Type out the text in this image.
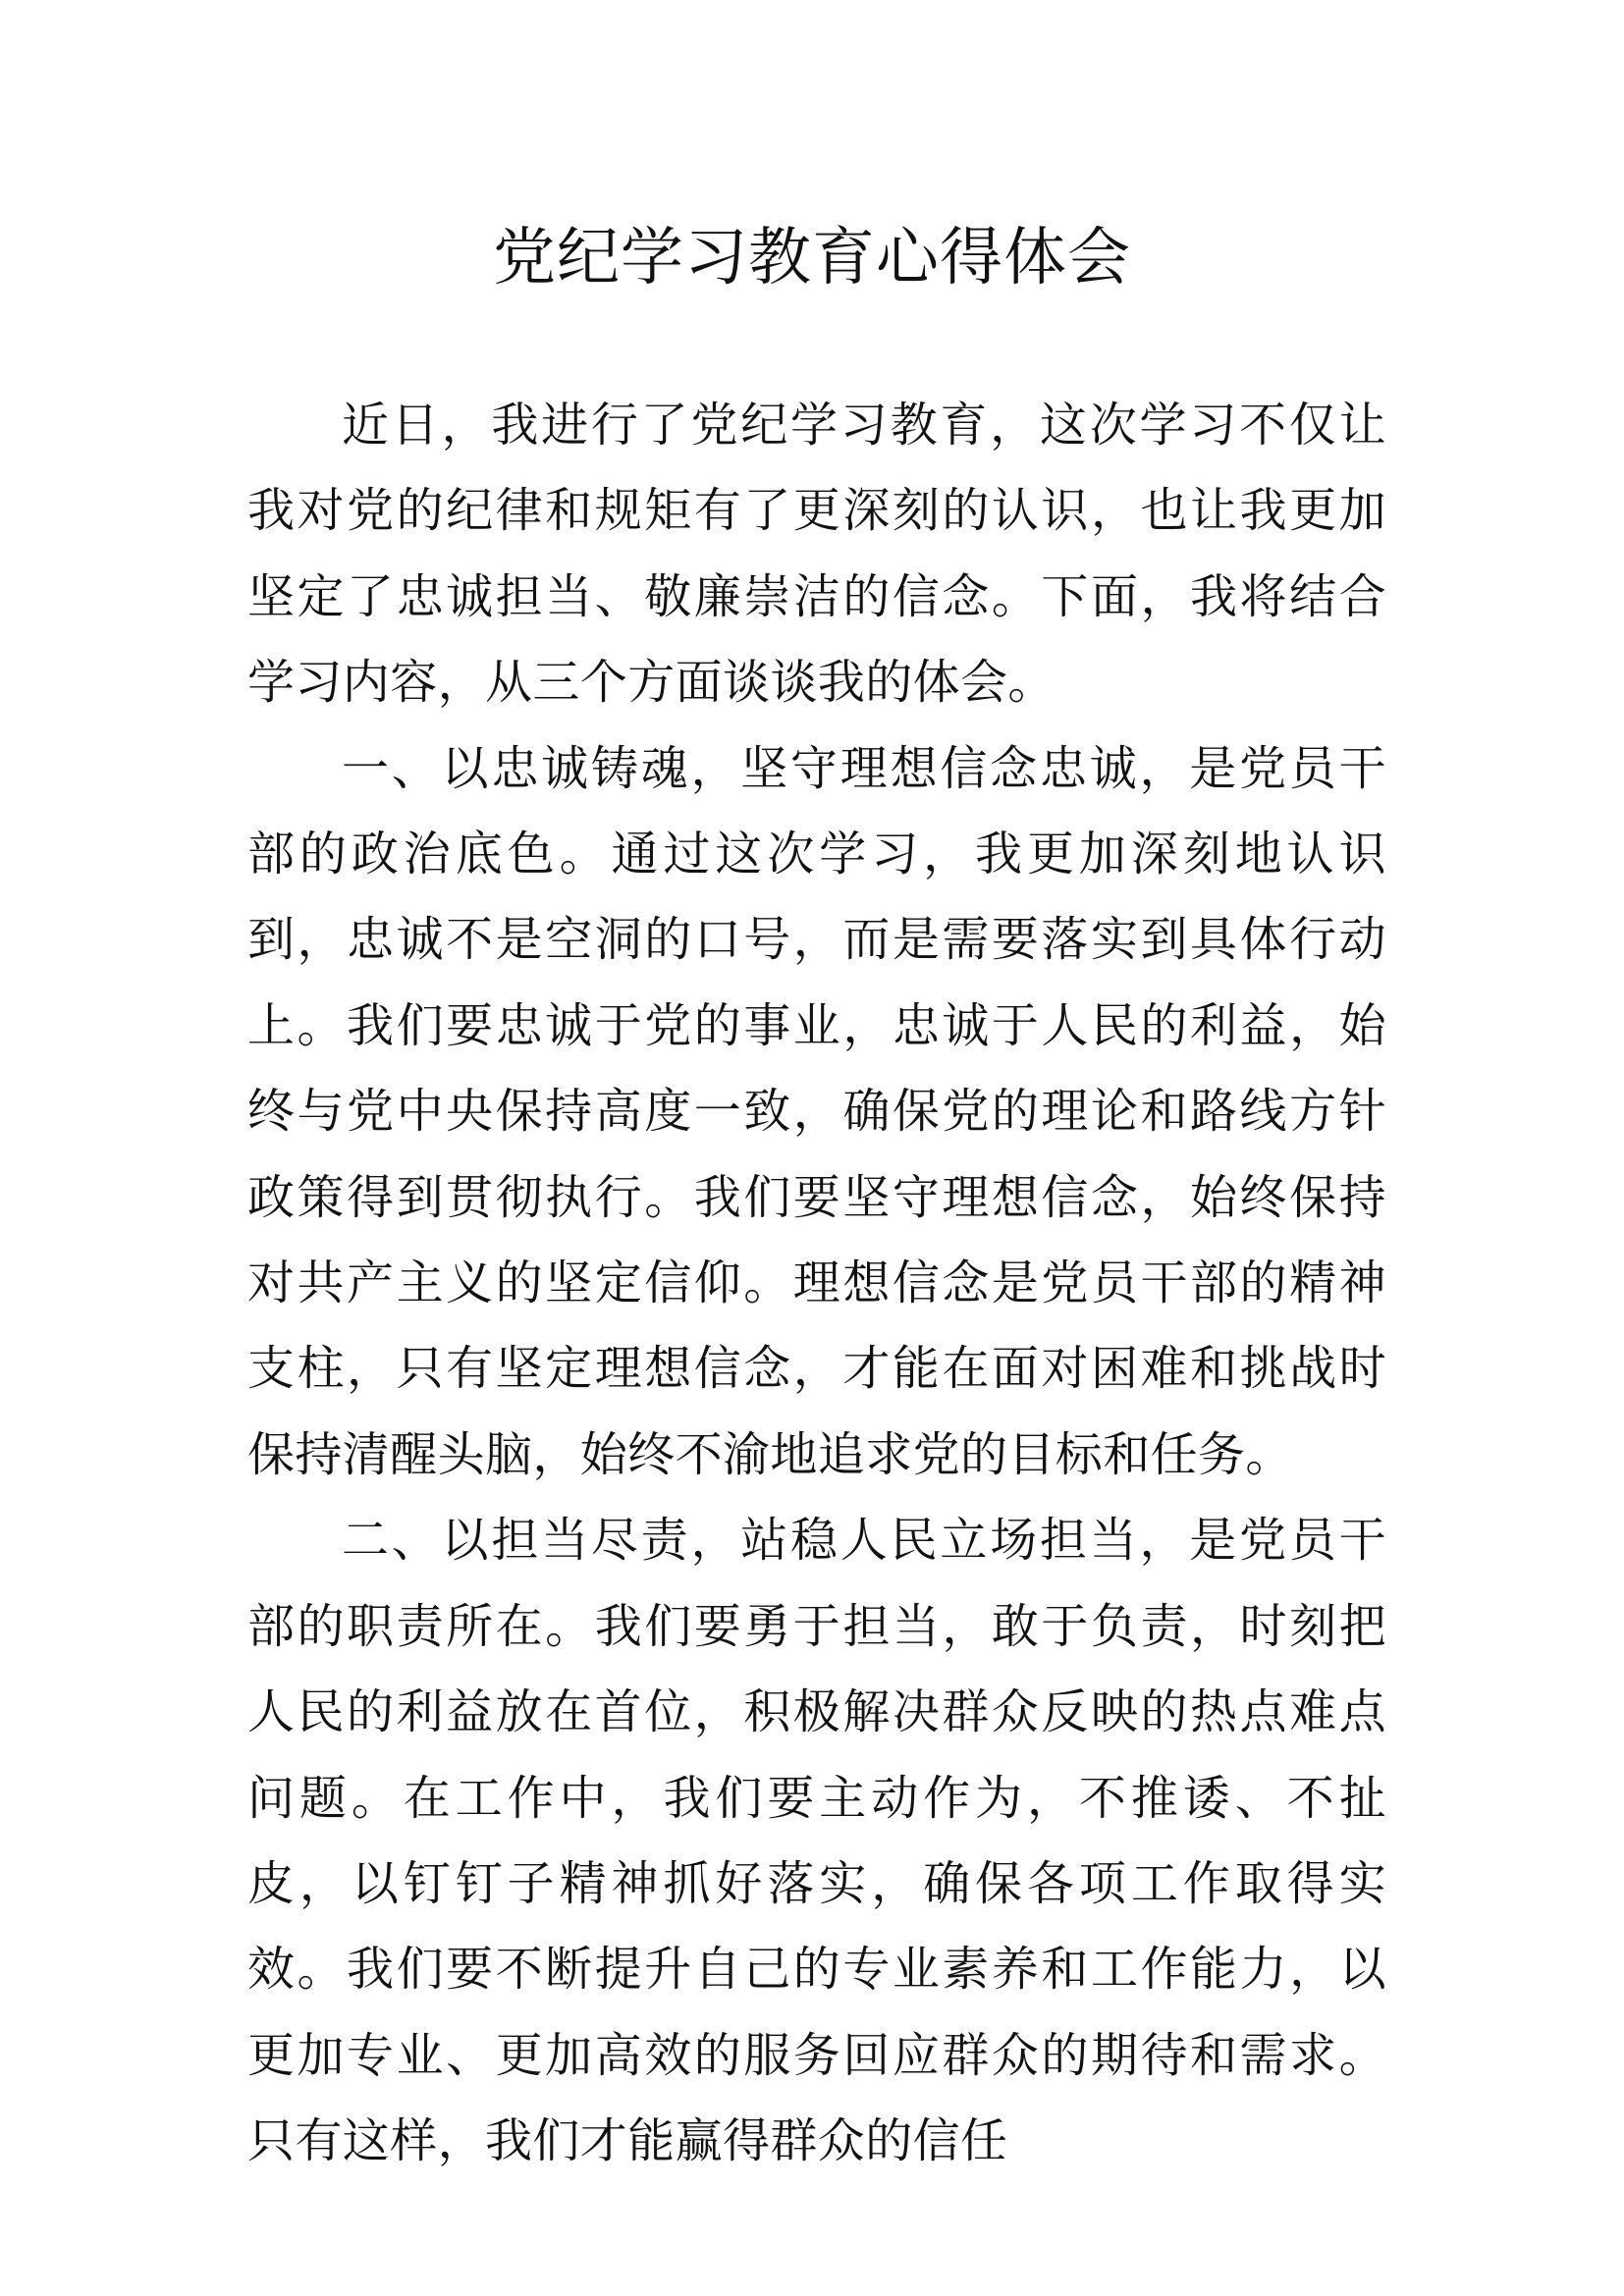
党纪学习教育心得体会

近日，我进行了党纪学习教育，这次学习不仅让我对党的纪律和规矩有了更深刻的认识，也让我更加坚定了忠诚担当、敬廉崇洁的信念。下面，我将结合学习内容，从三个方面谈谈我的体会。

一、以忠诚铸魂，坚守理想信念忠诚，是党员干部的政治底色。通过这次学习，我更加深刻地认识到，忠诚不是空洞的口号，而是需要落实到具体行动上。我们要忠诚于党的事业，忠诚于人民的利益，始终与党中央保持高度一致，确保党的理论和路线方针政策得到贯彻执行。我们要坚守理想信念，始终保持对共产主义的坚定信仰。理想信念是党员干部的精神支柱，只有坚定理想信念，才能在面对困难和挑战时保持清醒头脑，始终不渝地追求党的目标和任务。

二、以担当尽责，站稳人民立场担当，是党员干部的职责所在。我们要勇于担当，敢于负责，时刻把人民的利益放在首位，积极解决群众反映的热点难点问题。在工作中，我们要主动作为，不推诿、不扯皮，以钉钉子精神抓好落实，确保各项工作取得实效。我们要不断提升自己的专业素养和工作能力，以更加专业、更加高效的服务回应群众的期待和需求。只有这样，我们才能赢得群众的信任
